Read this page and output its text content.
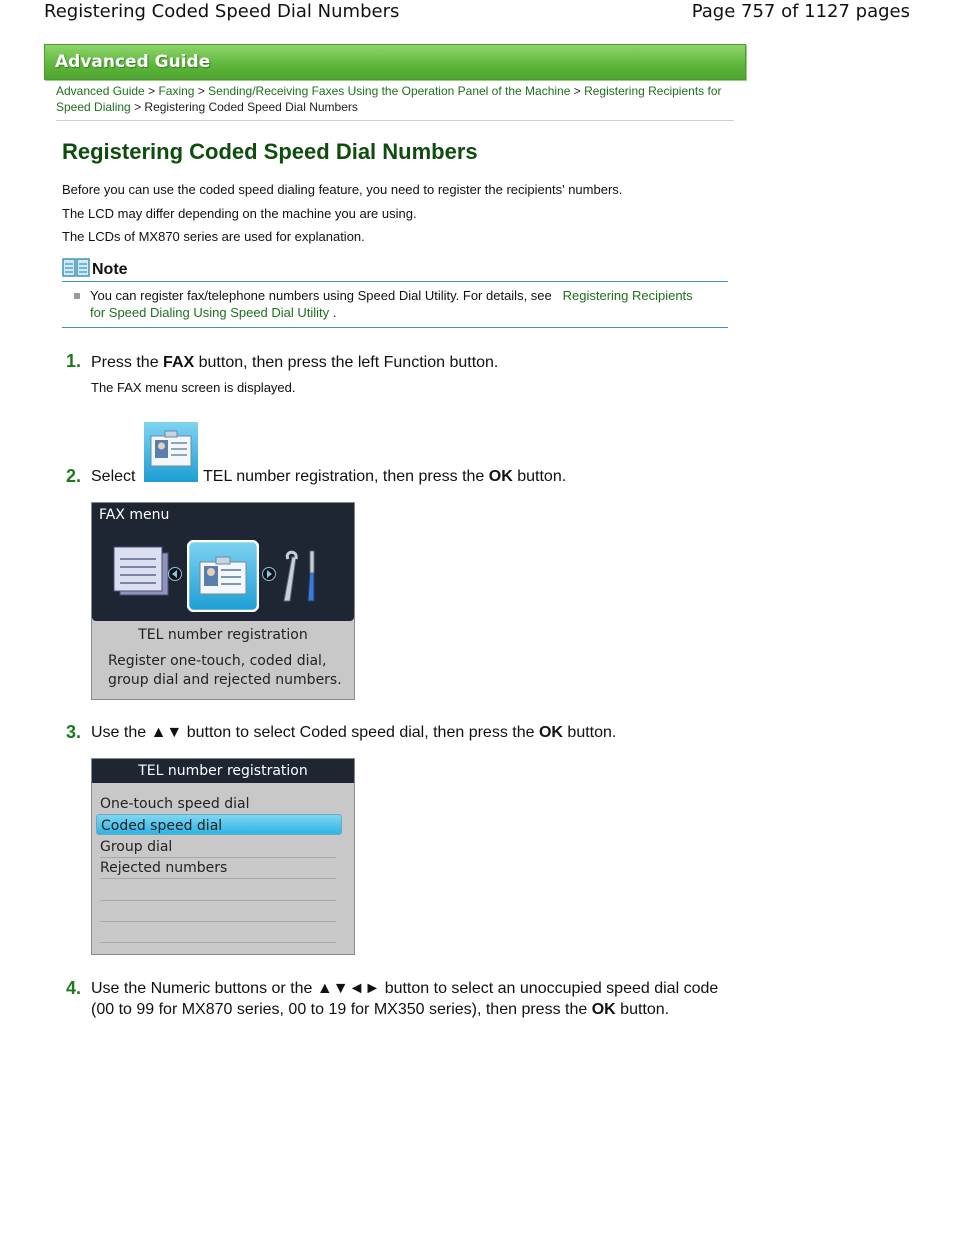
Registering Coded Speed Dial Numbers	Page 757 of 1127 pages
Advanced Guide
Advanced Guide > Faxing > Sending/Receiving Faxes Using the Operation Panel of the Machine > Registering Recipients for Speed Dialing > Registering Coded Speed Dial Numbers
Registering Coded Speed Dial Numbers
Before you can use the coded speed dialing feature, you need to register the recipients' numbers.
The LCD may differ depending on the machine you are using.
The LCDs of MX870 series are used for explanation.
Note
You can register fax/telephone numbers using Speed Dial Utility. For details, see Registering Recipients for Speed Dialing Using Speed Dial Utility .
1. Press the FAX button, then press the left Function button.
The FAX menu screen is displayed.
2. Select	TEL number registration, then press the OK button.
FAX menu
TEL number registration
Register one-touch, coded dial,
group dial and rejected numbers.
3. Use the ▲▼ button to select Coded speed dial, then press the OK button.
TEL number registration
One-touch speed dial
Coded speed dial
Group dial
Rejected numbers
4. Use the Numeric buttons or the ▲▼◄► button to select an unoccupied speed dial code (00 to 99 for MX870 series, 00 to 19 for MX350 series), then press the OK button.
